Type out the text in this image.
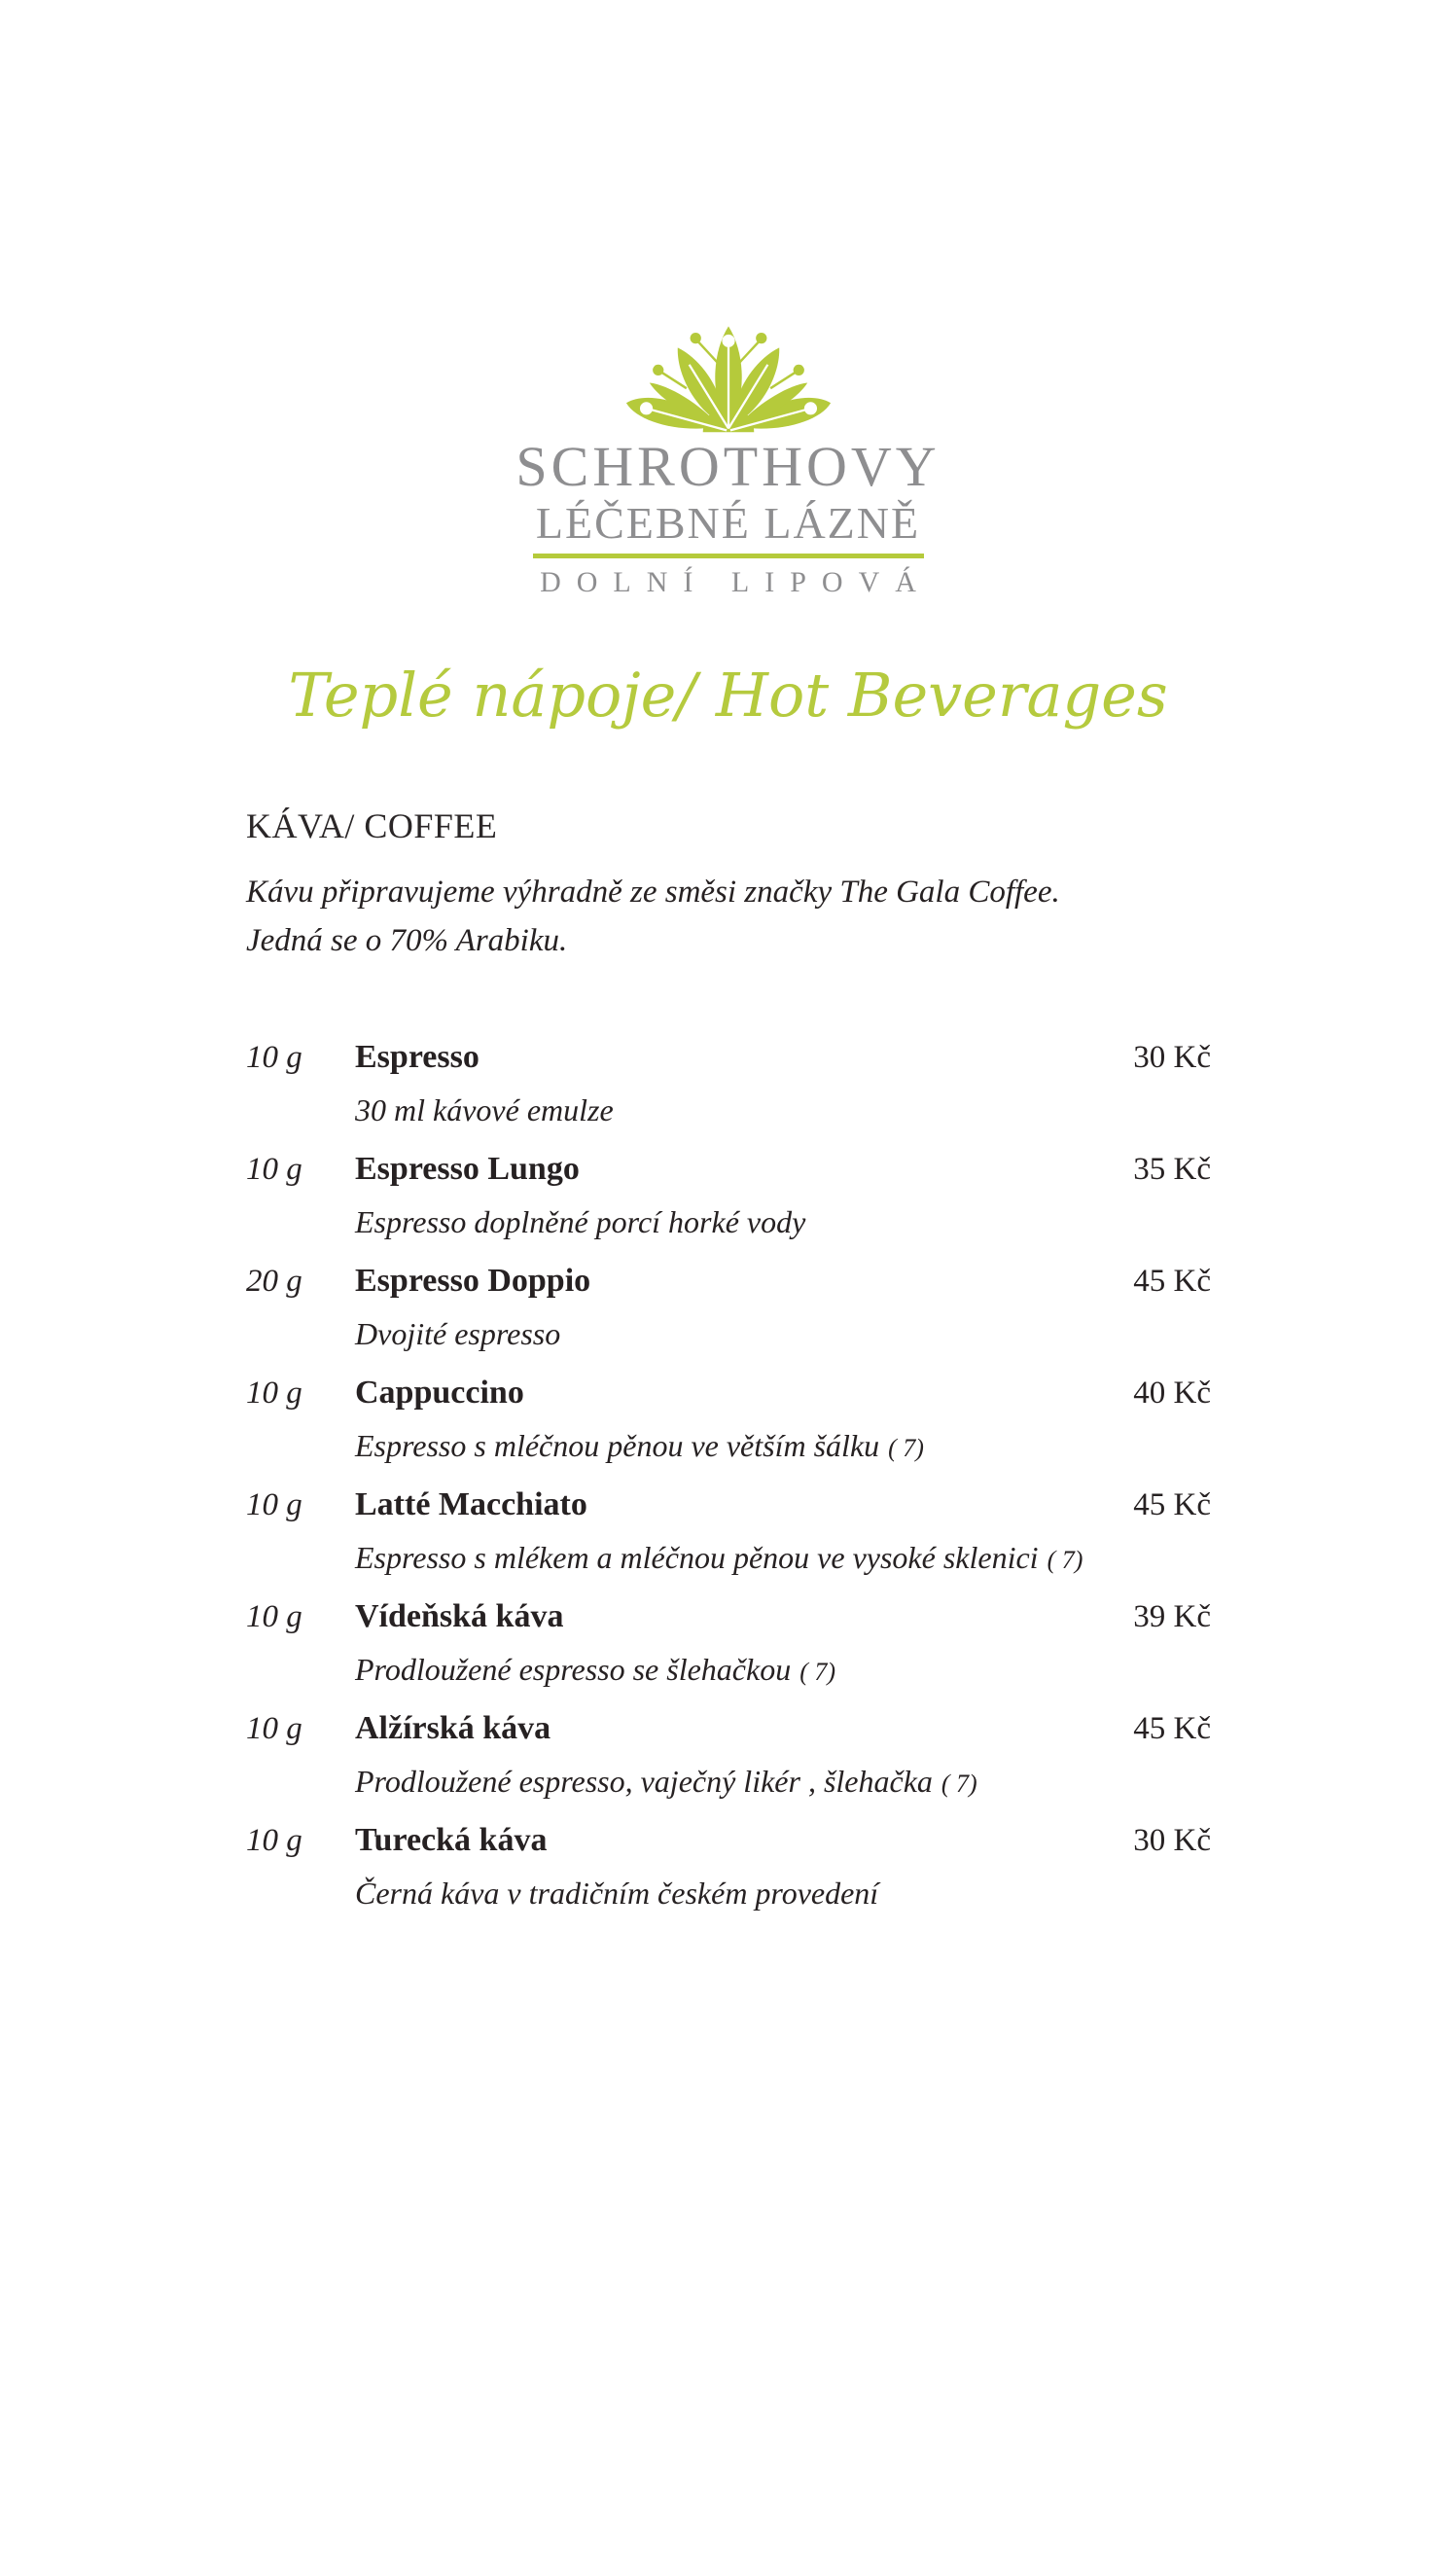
SCHROTHOVY
LÉČEBNÉ LÁZNĚ
DOLNÍ LIPOVÁ
Teplé nápoje/ Hot Beverages
KÁVA/ COFFEE
Kávu připravujeme výhradně ze směsi značky The Gala Coffee.
Jedná se o 70% Arabiku.
10 g	Espresso	30 Kč
30 ml kávové emulze
10 g	Espresso Lungo	35 Kč
Espresso doplněné porcí horké vody
20 g	Espresso Doppio	45 Kč
Dvojité espresso
10 g	Cappuccino	40 Kč
Espresso s mléčnou pěnou ve větším šálku ( 7)
10 g	Latté Macchiato	45 Kč
Espresso s mlékem a mléčnou pěnou ve vysoké sklenici ( 7)
10 g	Vídeňská káva	39 Kč
Prodloužené espresso se šlehačkou ( 7)
10 g	Alžírská káva	45 Kč
Prodloužené espresso, vaječný likér , šlehačka ( 7)
10 g	Turecká káva	30 Kč
Černá káva v tradičním českém provedení
